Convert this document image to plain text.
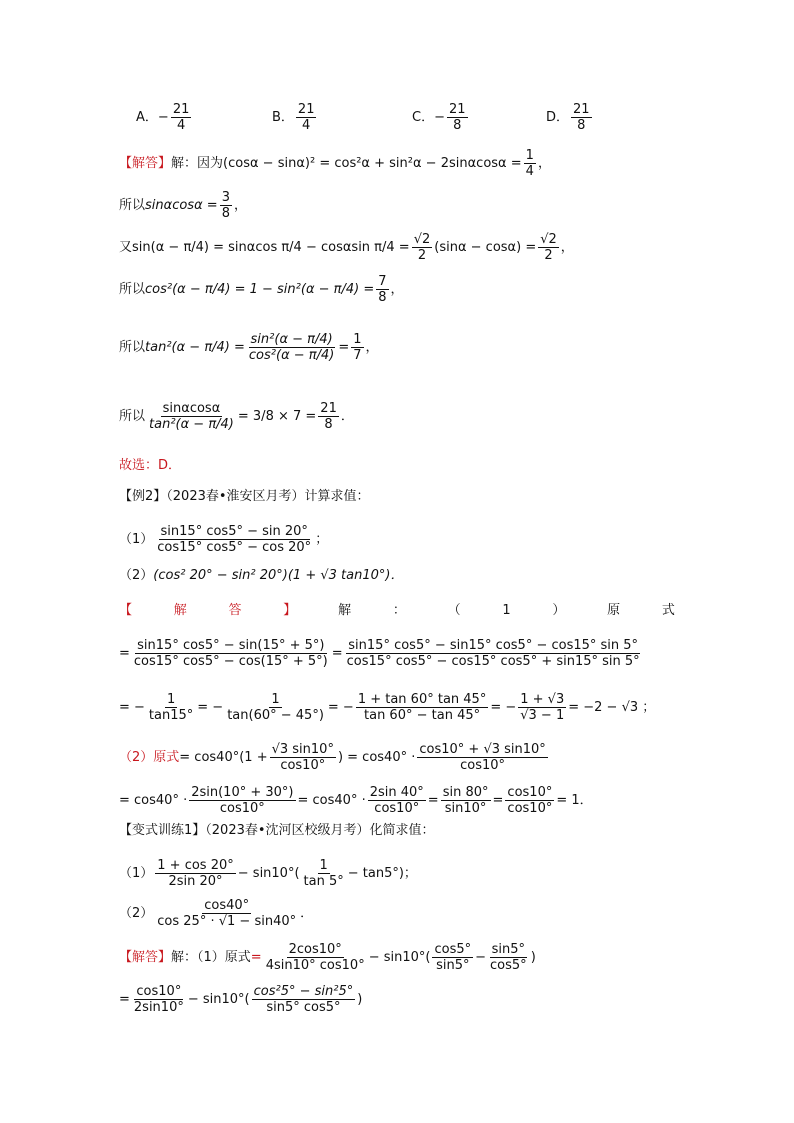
A．− $\frac{21}{4}$	B． $\frac{21}{4}$	C．− $\frac{21}{8}$	D． $\frac{21}{8}$
【解答】解：因为$(\cos\alpha - \sin\alpha)^2 = \cos^2\alpha + \sin^2\alpha - 2\sin\alpha\cos\alpha = \frac{1}{4}$ ，
所以$\sin\alpha\cos\alpha = \frac{3}{8}$ ，
又sin(α − π/4) = sinαcos π/4 − cosαsin $\pi/4 = \frac{√2}{2} (\sin\alpha - \cos\alpha) = \frac{√2}{2}$ ，
所以$\cos^2(\alpha - \pi/4) = 1 - \sin^2(\alpha - \pi/4) = \frac{7}{8}$ ，
所以$\tan^2(\alpha - \pi/4) = \frac{\text{sin²(α − π/4)}}{\text{cos²(α − π/4)}} = \frac{1}{7}$ ，
所以 $\frac{\sin\alpha\cos\alpha}{\text{tan²(α − π/4)}} = 3/8 \times 7 = \frac{21}{8}$ ．
故选：D．
【例2】（2023春•淮安区月考）计算求值：
$(1) \frac{\sin 15^\circ \cos 5^\circ - \sin 20^\circ}{\cos 15^\circ \cos 5^\circ - \cos 20^\circ}$ ；
（2）(cos² 20° − sin² 20°)(1 + √3 tan10°)．
【	解	答	】	解	：	（	1	）	原	式
= $\frac{\sin 15^\circ \cos 5^\circ - \sin(15^\circ + 5^\circ)}{\cos 15^\circ \cos 5^\circ - \cos(15^\circ + 5^\circ)} = \frac{\sin 15^\circ \cos 5^\circ - \sin 15^\circ \cos 5^\circ - \cos 15^\circ \sin 5^\circ}{\cos 15^\circ \cos 5^\circ - \cos 15^\circ \cos 5^\circ + \sin 15^\circ \sin 5^\circ}$
= − $\frac{1}{\tan 15^\circ}$ = − $\frac{1}{\tan(60^\circ - 45^\circ)}$ = − $\frac{1 + \tan 60^\circ \tan 45^\circ}{\tan 60^\circ - \tan 45^\circ}$ = − $\frac{1 + √3}{√3 - 1} = -2 - √3$ ；
（2）原式= $\cos 40^\circ(1 + \frac{√3 \sin 10^\circ}{\cos 10^\circ}$ ) = $\cos 40^\circ \cdot \frac{\cos 10^\circ + √3 \sin 10^\circ}{\cos 10^\circ}$
= $\cos 40^\circ \cdot \frac{2\sin(10^\circ + 30^\circ)}{\cos 10^\circ} = \cos 40^\circ \cdot \frac{2\sin 40^\circ}{\cos 10^\circ} = \frac{\sin 80^\circ}{\sin 10^\circ} = \frac{\cos 10^\circ}{\cos 10^\circ} = 1$．
【变式训练1】（2023春•沈河区校级月考）化简求值：
$(1) \frac{1 + \cos 20^\circ}{2\sin 20^\circ} - \sin 10^\circ( \frac{1}{\tan 5^\circ} - \tan 5^\circ)$；
$(2) \frac{\cos 40^\circ}{\cos 25^\circ \cdot √1 - \sin 40^\circ}$ ．
【解答】解：（1）原式= $\frac{2\cos 10^\circ}{4\sin 10^\circ \cos 10^\circ} - \sin 10^\circ( \frac{\cos 5^\circ}{\sin 5^\circ} - \frac{\sin 5^\circ}{\cos 5^\circ}$ )
= $\frac{\cos 10^\circ}{2\sin 10^\circ} - \sin 10^\circ( \frac{\text{cos²5° − sin²5°}}{\sin 5^\circ \cos 5^\circ}$ )
